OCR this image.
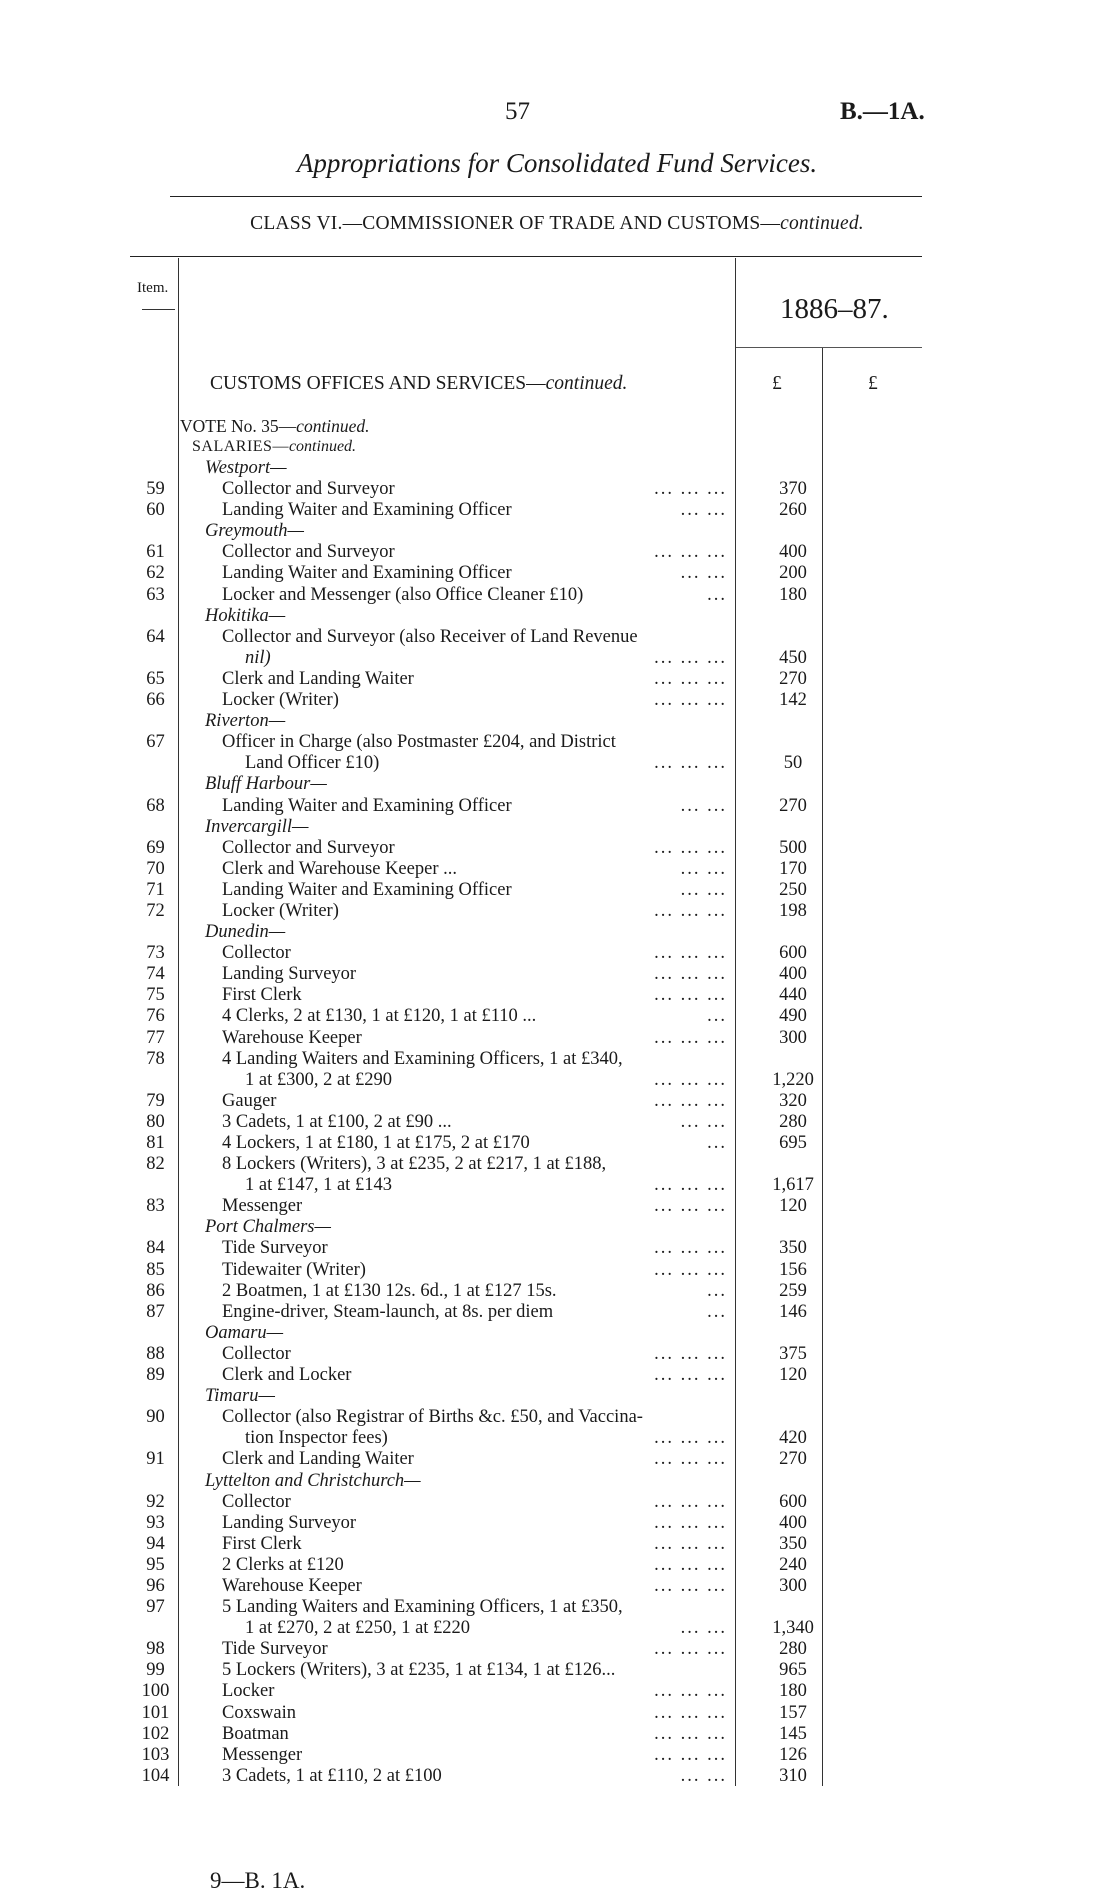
57	B.—1A.
Appropriations for Consolidated Fund Services.
CLASS VI.—COMMISSIONER OF TRADE AND CUSTOMS—continued.
Item.
1886–87.
CUSTOMS OFFICES AND SERVICES—continued.	£	£
VOTE No. 35—continued.
SALARIES—continued.
Westport—
59	Collector and Surveyor	... ... ...	370
60	Landing Waiter and Examining Officer	... ...	260
Greymouth—
61	Collector and Surveyor	... ... ...	400
62	Landing Waiter and Examining Officer	... ...	200
63	Locker and Messenger (also Office Cleaner £10)	...	180
Hokitika—
64	Collector and Surveyor (also Receiver of Land Revenue
nil)	... ... ...	450
65	Clerk and Landing Waiter	... ... ...	270
66	Locker (Writer)	... ... ...	142
Riverton—
67	Officer in Charge (also Postmaster £204, and District
Land Officer £10)	... ... ...	50
Bluff Harbour—
68	Landing Waiter and Examining Officer	... ...	270
Invercargill—
69	Collector and Surveyor	... ... ...	500
70	Clerk and Warehouse Keeper ...	... ...	170
71	Landing Waiter and Examining Officer	... ...	250
72	Locker (Writer)	... ... ...	198
Dunedin—
73	Collector	... ... ...	600
74	Landing Surveyor	... ... ...	400
75	First Clerk	... ... ...	440
76	4 Clerks, 2 at £130, 1 at £120, 1 at £110 ...	...	490
77	Warehouse Keeper	... ... ...	300
78	4 Landing Waiters and Examining Officers, 1 at £340,
1 at £300, 2 at £290	... ... ...	1,220
79	Gauger	... ... ...	320
80	3 Cadets, 1 at £100, 2 at £90 ...	... ...	280
81	4 Lockers, 1 at £180, 1 at £175, 2 at £170	...	695
82	8 Lockers (Writers), 3 at £235, 2 at £217, 1 at £188,
1 at £147, 1 at £143	... ... ...	1,617
83	Messenger	... ... ...	120
Port Chalmers—
84	Tide Surveyor	... ... ...	350
85	Tidewaiter (Writer)	... ... ...	156
86	2 Boatmen, 1 at £130 12s. 6d., 1 at £127 15s.	...	259
87	Engine-driver, Steam-launch, at 8s. per diem	...	146
Oamaru—
88	Collector	... ... ...	375
89	Clerk and Locker	... ... ...	120
Timaru—
90	Collector (also Registrar of Births &c. £50, and Vaccina-
tion Inspector fees)	... ... ...	420
91	Clerk and Landing Waiter	... ... ...	270
Lyttelton and Christchurch—
92	Collector	... ... ...	600
93	Landing Surveyor	... ... ...	400
94	First Clerk	... ... ...	350
95	2 Clerks at £120	... ... ...	240
96	Warehouse Keeper	... ... ...	300
97	5 Landing Waiters and Examining Officers, 1 at £350,
1 at £270, 2 at £250, 1 at £220	... ...	1,340
98	Tide Surveyor	... ... ...	280
99	5 Lockers (Writers), 3 at £235, 1 at £134, 1 at £126...	965
100	Locker	... ... ...	180
101	Coxswain	... ... ...	157
102	Boatman	... ... ...	145
103	Messenger	... ... ...	126
104	3 Cadets, 1 at £110, 2 at £100	... ...	310
9—B. 1A.
